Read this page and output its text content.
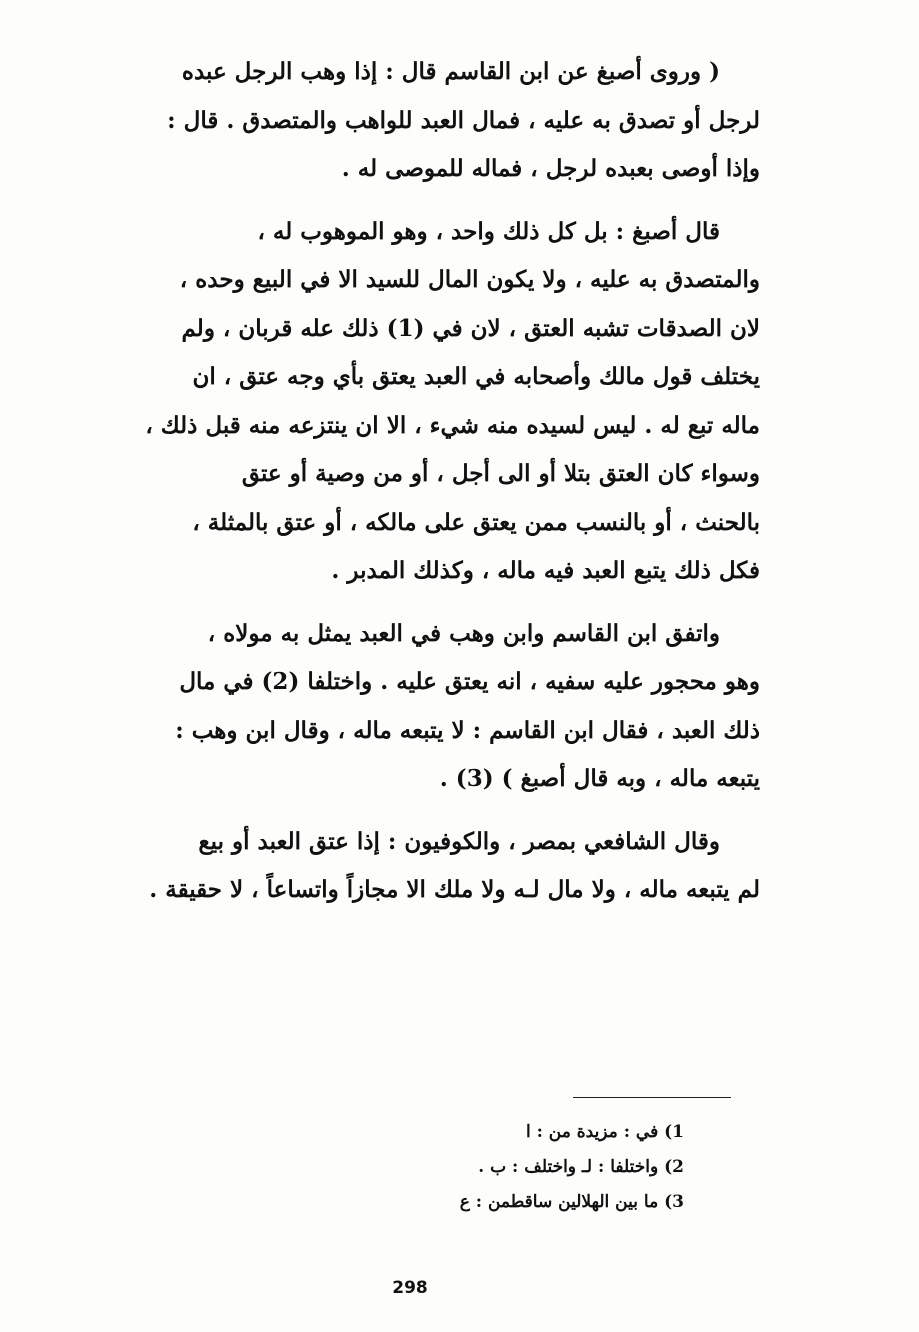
( وروى أصبغ عن ابن القاسم قال : إذا وهب الرجل عبده
لرجل أو تصدق به عليه ، فمال العبد للواهب والمتصدق . قال :
وإذا أوصى بعبده لرجل ، فماله للموصى له .

قال أصبغ : بل كل ذلك واحد ، وهو الموهوب له ،
والمتصدق به عليه ، ولا يكون المال للسيد الا في البيع وحده ،
لان الصدقات تشبه العتق ، لان في (1) ذلك عله قربان ، ولم
يختلف قول مالك وأصحابه في العبد يعتق بأي وجه عتق ، ان
ماله تبع له . ليس لسيده منه شيء ، الا ان ينتزعه منه قبل ذلك ،
وسواء كان العتق بتلا أو الى أجل ، أو من وصية أو عتق
بالحنث ، أو بالنسب ممن يعتق على مالكه ، أو عتق بالمثلة ،
فكل ذلك يتبع العبد فيه ماله ، وكذلك المدبر .

واتفق ابن القاسم وابن وهب في العبد يمثل به مولاه ،
وهو محجور عليه سفيه ، انه يعتق عليه . واختلفا (2) في مال
ذلك العبد ، فقال ابن القاسم : لا يتبعه ماله ، وقال ابن وهب :
يتبعه ماله ، وبه قال أصبغ ) (3) .

وقال الشافعي بمصر ، والكوفيون : إذا عتق العبد أو بيع
لم يتبعه ماله ، ولا مال لـه ولا ملك الا مجازاً واتساعاً ، لا حقيقة .

1) في : مزيدة من : ا
2) واختلفا : لـ واختلف : ب .
3) ما بين الهلالين ساقطمن : ع
298
